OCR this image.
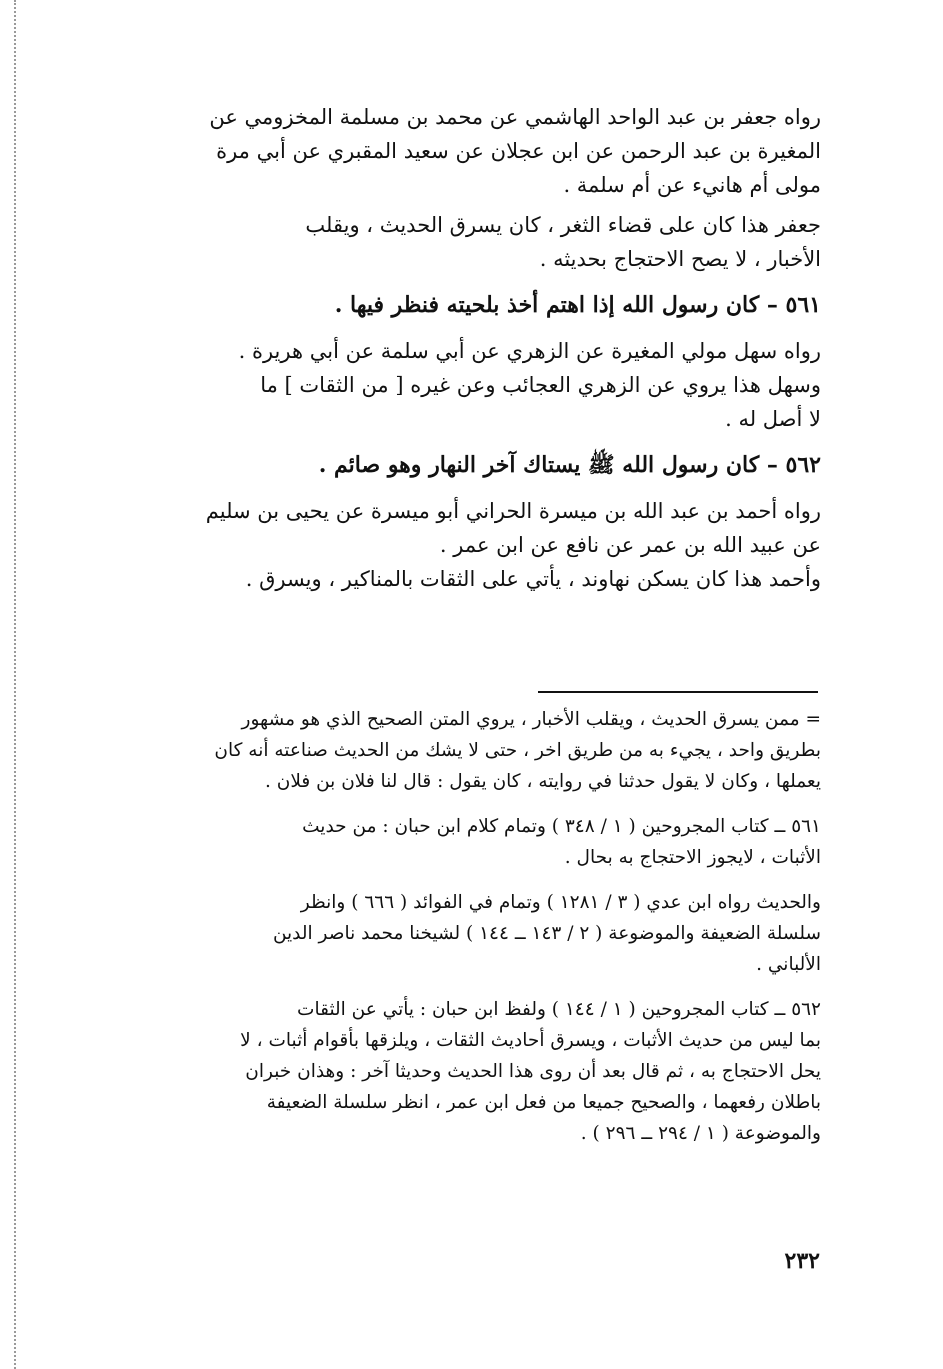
رواه جعفر بن عبد الواحد الهاشمي عن محمد بن مسلمة المخزومي عن
المغيرة بن عبد الرحمن عن ابن عجلان عن سعيد المقبري عن أبي مرة
مولى أم هانيء عن أم سلمة .
جعفر هذا كان على قضاء الثغر ، كان يسرق الحديث ، ويقلب
الأخبار ، لا يصح الاحتجاج بحديثه .
٥٦١ – كان رسول الله إذا اهتم أخذ بلحيته فنظر فيها .
رواه سهل مولي المغيرة عن الزهري عن أبي سلمة عن أبي هريرة .
وسهل هذا يروي عن الزهري العجائب وعن غيره [ من الثقات ] ما
لا أصل له .
٥٦٢ – كان رسول الله ﷺ يستاك آخر النهار وهو صائم .
رواه أحمد بن عبد الله بن ميسرة الحراني أبو ميسرة عن يحيى بن سليم
عن عبيد الله بن عمر عن نافع عن ابن عمر .
وأحمد هذا كان يسكن نهاوند ، يأتي على الثقات بالمناكير ، ويسرق .
= ممن يسرق الحديث ، ويقلب الأخبار ، يروي المتن الصحيح الذي هو مشهور
بطريق واحد ، يجيء به من طريق اخر ، حتى لا يشك من الحديث صناعته أنه كان
يعملها ، وكان لا يقول حدثنا في روايته ، كان يقول : قال لنا فلان بن فلان .
٥٦١ ــ كتاب المجروحين ( ١ / ٣٤٨ ) وتمام كلام ابن حبان : من حديث
الأثبات ، لايجوز الاحتجاج به بحال .
والحديث رواه ابن عدي ( ٣ / ١٢٨١ ) وتمام في الفوائد ( ٦٦٦ ) وانظر
سلسلة الضعيفة والموضوعة ( ٢ / ١٤٣ ــ ١٤٤ ) لشيخنا محمد ناصر الدين
الألباني .
٥٦٢ ــ كتاب المجروحين ( ١ / ١٤٤ ) ولفظ ابن حبان : يأتي عن الثقات
بما ليس من حديث الأثبات ، ويسرق أحاديث الثقات ، ويلزقها بأقوام أثبات ، لا
يحل الاحتجاج به ، ثم قال بعد أن روى هذا الحديث وحديثا آخر : وهذان خبران
باطلان رفعهما ، والصحيح جميعا من فعل ابن عمر ، انظر سلسلة الضعيفة
والموضوعة ( ١ / ٢٩٤ ــ ٢٩٦ ) .
٢٣٢
